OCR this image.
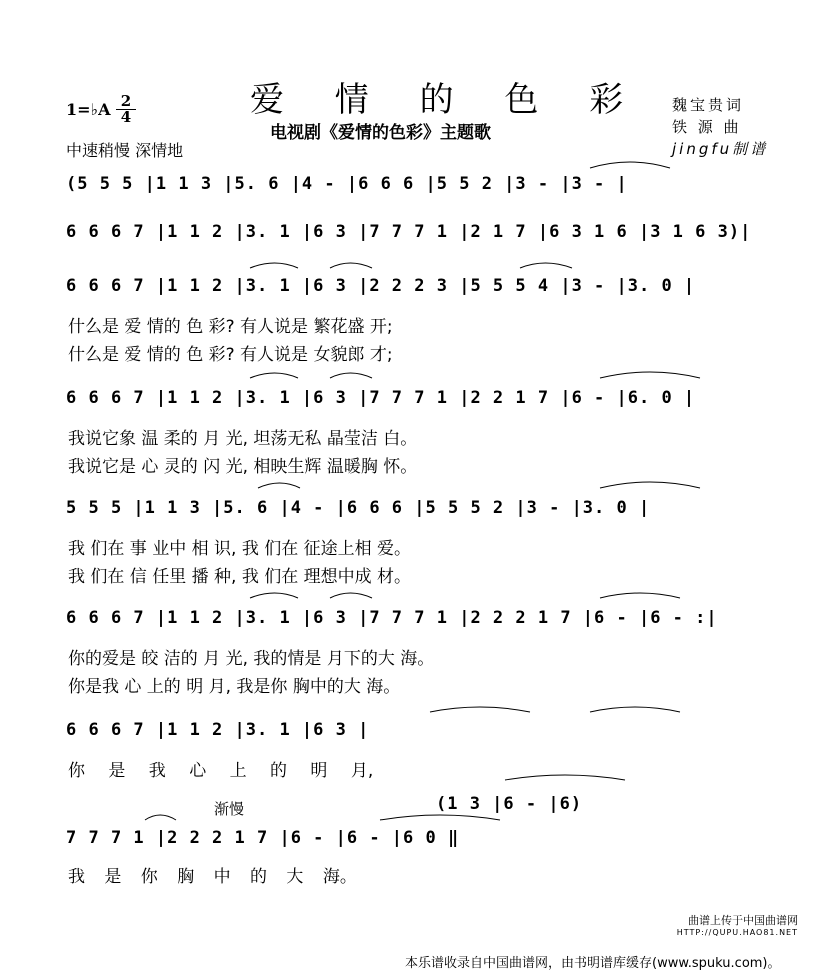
爱 情 的 色 彩
电视剧《爱情的色彩》主题歌
1=♭A 2
4
中速稍慢 深情地
魏宝贵词
铁 源 曲
jingfu制谱
(5 5 5 |1 1 3 |5. 6 |4 - |6 6 6 |5 5 2 |3 - |3 - |
6 6 6 7 |1 1 2 |3. 1 |6 3 |7 7 7 1 |2 1 7 |6 3 1 6 |3 1 6 3)|
6 6 6 7 |1 1 2 |3. 1 |6 3 |2 2 2 3 |5 5 5 4 |3 - |3. 0 |
什么是 爱 情的 色 彩? 有人说是 繁花盛 开;
什么是 爱 情的 色 彩? 有人说是 女貌郎 才;
6 6 6 7 |1 1 2 |3. 1 |6 3 |7 7 7 1 |2 2 1 7 |6 - |6. 0 |
我说它象 温 柔的 月 光, 坦荡无私 晶莹洁 白。
我说它是 心 灵的 闪 光, 相映生辉 温暖胸 怀。
5 5 5 |1 1 3 |5. 6 |4 - |6 6 6 |5 5 5 2 |3 - |3. 0 |
我 们在 事 业中 相 识, 我 们在 征途上相 爱。
我 们在 信 任里 播 种, 我 们在 理想中成 材。
6 6 6 7 |1 1 2 |3. 1 |6 3 |7 7 7 1 |2 2 2 1 7 |6 - |6 - :|
你的爱是 皎 洁的 月 光, 我的情是 月下的大 海。
你是我 心 上的 明 月, 我是你 胸中的大 海。
6 6 6 7 |1 1 2 |3. 1 |6 3 |
你 是 我 心 上 的 明 月,
渐慢	(1 3 |6 - |6)
7 7 7 1 |2 2 2 1 7 |6 - |6 - |6 0 ‖
我 是 你 胸 中 的 大 海。
曲谱上传于中国曲谱网
HTTP://QUPU.HAO81.NET
本乐谱收录自中国曲谱网，由书明谱库缓存(www.spuku.com)。
